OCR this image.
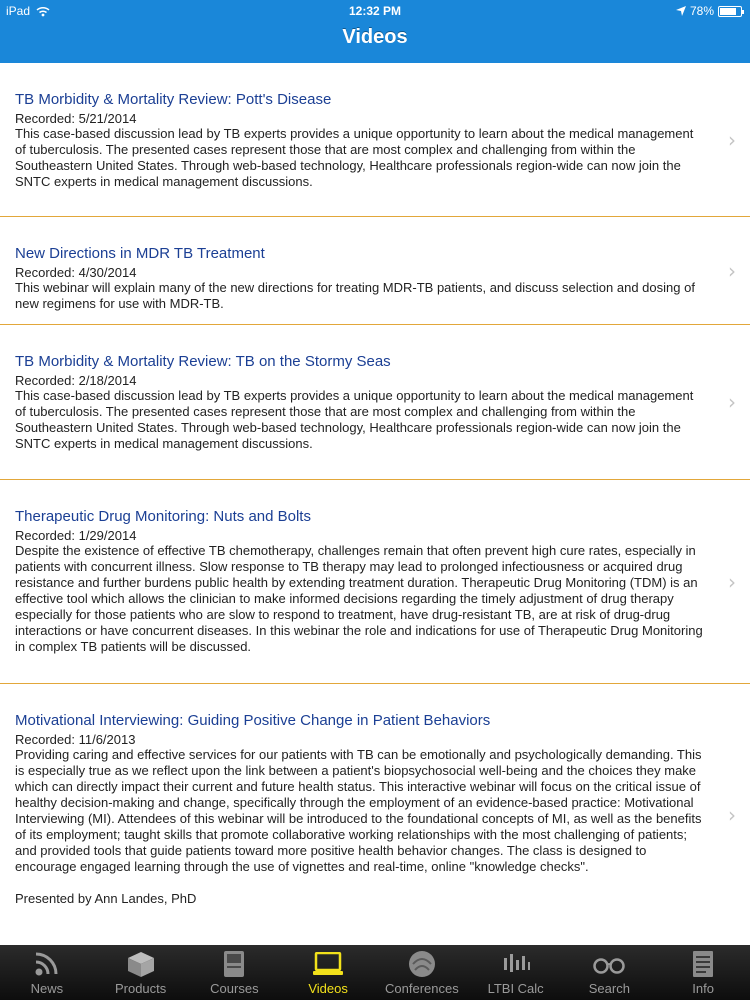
iPad	12:32 PM	78%
Videos
TB Morbidity & Mortality Review: Pott's Disease
Recorded: 5/21/2014
This case-based discussion lead by TB experts provides a unique opportunity to learn about the medical management of tuberculosis. The presented cases represent those that are most complex and challenging from within the Southeastern United States. Through web-based technology, Healthcare professionals region-wide can now join the SNTC experts in medical management discussions.
›
New Directions in MDR TB Treatment
Recorded: 4/30/2014
This webinar will explain many of the new directions for treating MDR-TB patients, and discuss selection and dosing of new regimens for use with MDR-TB.
›
TB Morbidity & Mortality Review: TB on the Stormy Seas
Recorded: 2/18/2014
This case-based discussion lead by TB experts provides a unique opportunity to learn about the medical management of tuberculosis. The presented cases represent those that are most complex and challenging from within the Southeastern United States. Through web-based technology, Healthcare professionals region-wide can now join the SNTC experts in medical management discussions.
›
Therapeutic Drug Monitoring: Nuts and Bolts
Recorded: 1/29/2014
Despite the existence of effective TB chemotherapy, challenges remain that often prevent high cure rates, especially in patients with concurrent illness. Slow response to TB therapy may lead to prolonged infectiousness or acquired drug resistance and further burdens public health by extending treatment duration. Therapeutic Drug Monitoring (TDM) is an effective tool which allows the clinician to make informed decisions regarding the timely adjustment of drug therapy especially for those patients who are slow to respond to treatment, have drug-resistant TB, are at risk of drug-drug interactions or have concurrent diseases. In this webinar the role and indications for use of Therapeutic Drug Monitoring in complex TB patients will be discussed.
›
Motivational Interviewing: Guiding Positive Change in Patient Behaviors
Recorded: 11/6/2013
Providing caring and effective services for our patients with TB can be emotionally and psychologically demanding. This is especially true as we reflect upon the link between a patient's biopsychosocial well-being and the choices they make which can directly impact their current and future health status. This interactive webinar will focus on the critical issue of healthy decision-making and change, specifically through the employment of an evidence-based practice: Motivational Interviewing (MI). Attendees of this webinar will be introduced to the foundational concepts of MI, as well as the benefits of its employment; taught skills that promote collaborative working relationships with the most challenging of patients; and provided tools that guide patients toward more positive health behavior changes. The class is designed to encourage engaged learning through the use of vignettes and real-time, online "knowledge checks".
Presented by Ann Landes, PhD
›
News	Products	Courses	Videos	Conferences LTBI Calc	Search	Info
